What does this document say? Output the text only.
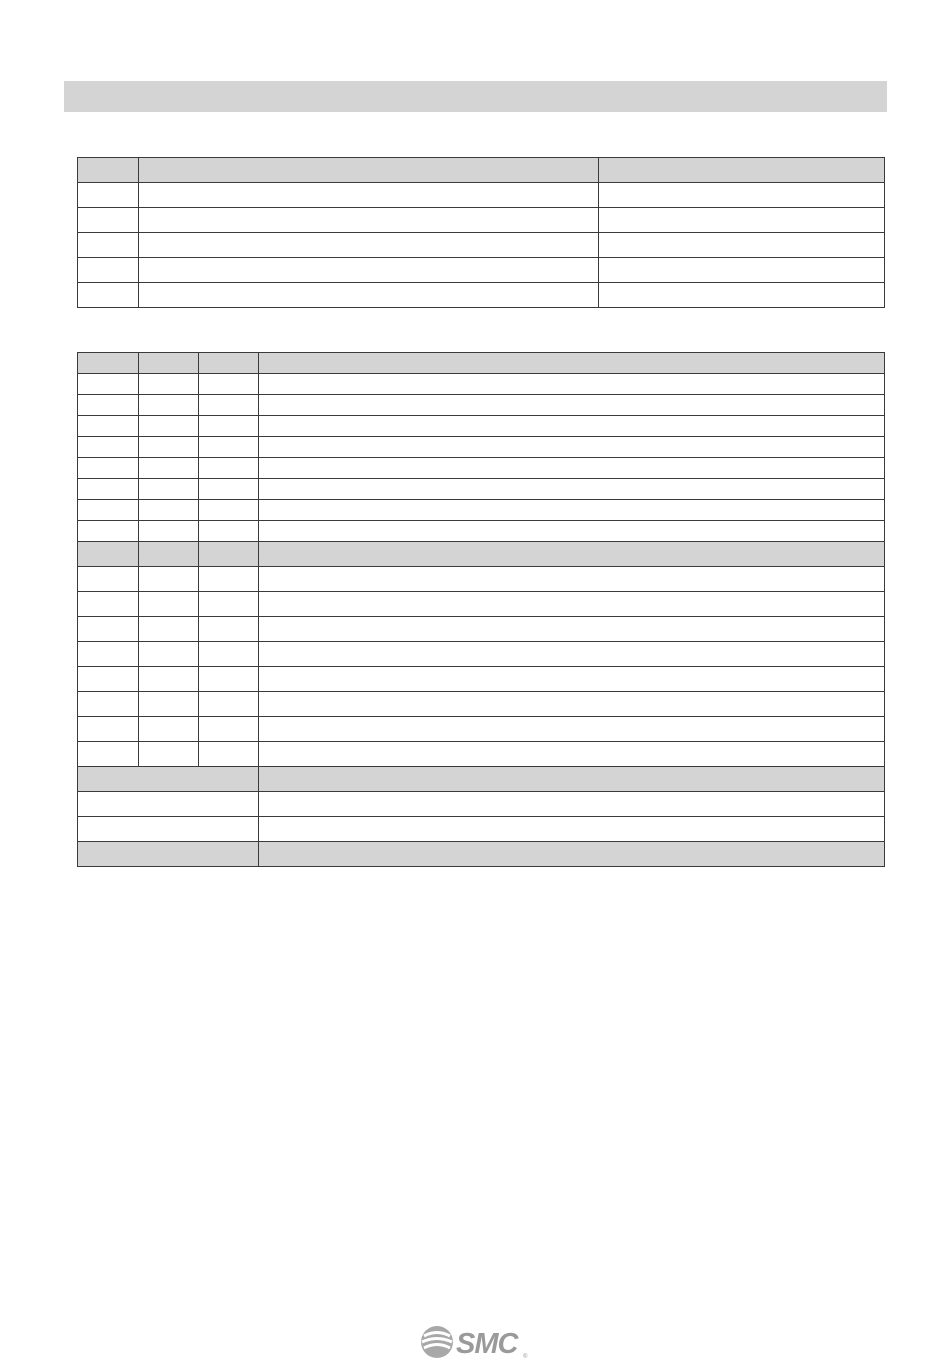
SMC ®
